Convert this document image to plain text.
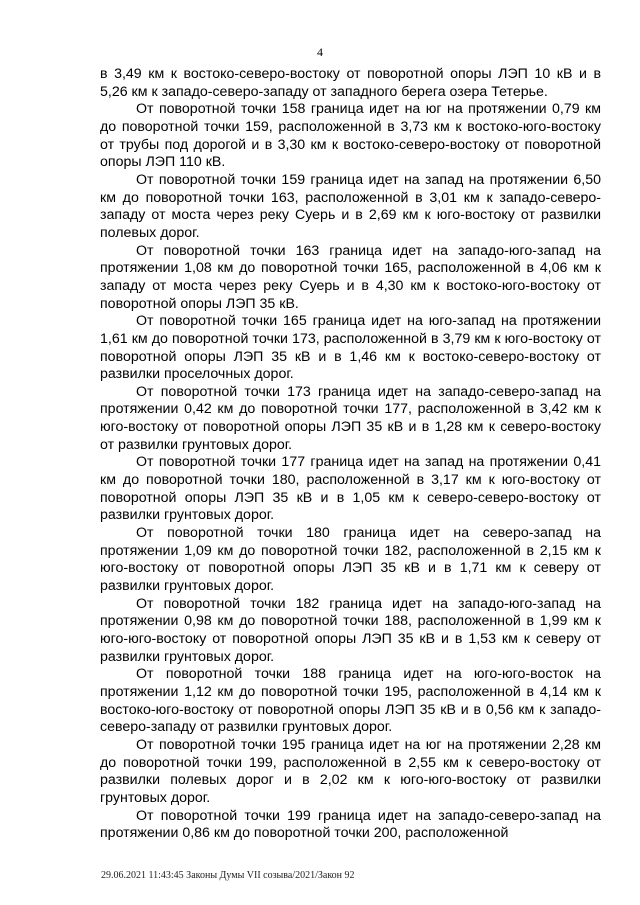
4

в 3,49 км к востоко-северо-востоку от поворотной опоры ЛЭП 10 кВ и в 5,26 км к западо-северо-западу от западного берега озера Тетерье.

От поворотной точки 158 граница идет на юг на протяжении 0,79 км до поворотной точки 159, расположенной в 3,73 км к востоко-юго-востоку от трубы под дорогой и в 3,30 км к востоко-северо-востоку от поворотной опоры ЛЭП 110 кВ.

От поворотной точки 159 граница идет на запад на протяжении 6,50 км до поворотной точки 163, расположенной в 3,01 км к западо-северо-западу от моста через реку Суерь и в 2,69 км к юго-востоку от развилки полевых дорог.

От поворотной точки 163 граница идет на западо-юго-запад на протяжении 1,08 км до поворотной точки 165, расположенной в 4,06 км к западу от моста через реку Суерь и в 4,30 км к востоко-юго-востоку от поворотной опоры ЛЭП 35 кВ.

От поворотной точки 165 граница идет на юго-запад на протяжении 1,61 км до поворотной точки 173, расположенной в 3,79 км к юго-востоку от поворотной опоры ЛЭП 35 кВ и в 1,46 км к востоко-северо-востоку от развилки проселочных дорог.

От поворотной точки 173 граница идет на западо-северо-запад на протяжении 0,42 км до поворотной точки 177, расположенной в 3,42 км к юго-востоку от поворотной опоры ЛЭП 35 кВ и в 1,28 км к северо-востоку от развилки грунтовых дорог.

От поворотной точки 177 граница идет на запад на протяжении 0,41 км до поворотной точки 180, расположенной в 3,17 км к юго-востоку от поворотной опоры ЛЭП 35 кВ и в 1,05 км к северо-северо-востоку от развилки грунтовых дорог.

От поворотной точки 180 граница идет на северо-запад на протяжении 1,09 км до поворотной точки 182, расположенной в 2,15 км к юго-востоку от поворотной опоры ЛЭП 35 кВ и в 1,71 км к северу от развилки грунтовых дорог.

От поворотной точки 182 граница идет на западо-юго-запад на протяжении 0,98 км до поворотной точки 188, расположенной в 1,99 км к юго-юго-востоку от поворотной опоры ЛЭП 35 кВ и в 1,53 км к северу от развилки грунтовых дорог.

От поворотной точки 188 граница идет на юго-юго-восток на протяжении 1,12 км до поворотной точки 195, расположенной в 4,14 км к востоко-юго-востоку от поворотной опоры ЛЭП 35 кВ и в 0,56 км к западо-северо-западу от развилки грунтовых дорог.

От поворотной точки 195 граница идет на юг на протяжении 2,28 км до поворотной точки 199, расположенной в 2,55 км к северо-востоку от развилки полевых дорог и в 2,02 км к юго-юго-востоку от развилки грунтовых дорог.

От поворотной точки 199 граница идет на западо-северо-запад на протяжении 0,86 км до поворотной точки 200, расположенной

29.06.2021 11:43:45 Законы Думы VII созыва/2021/Закон 92
